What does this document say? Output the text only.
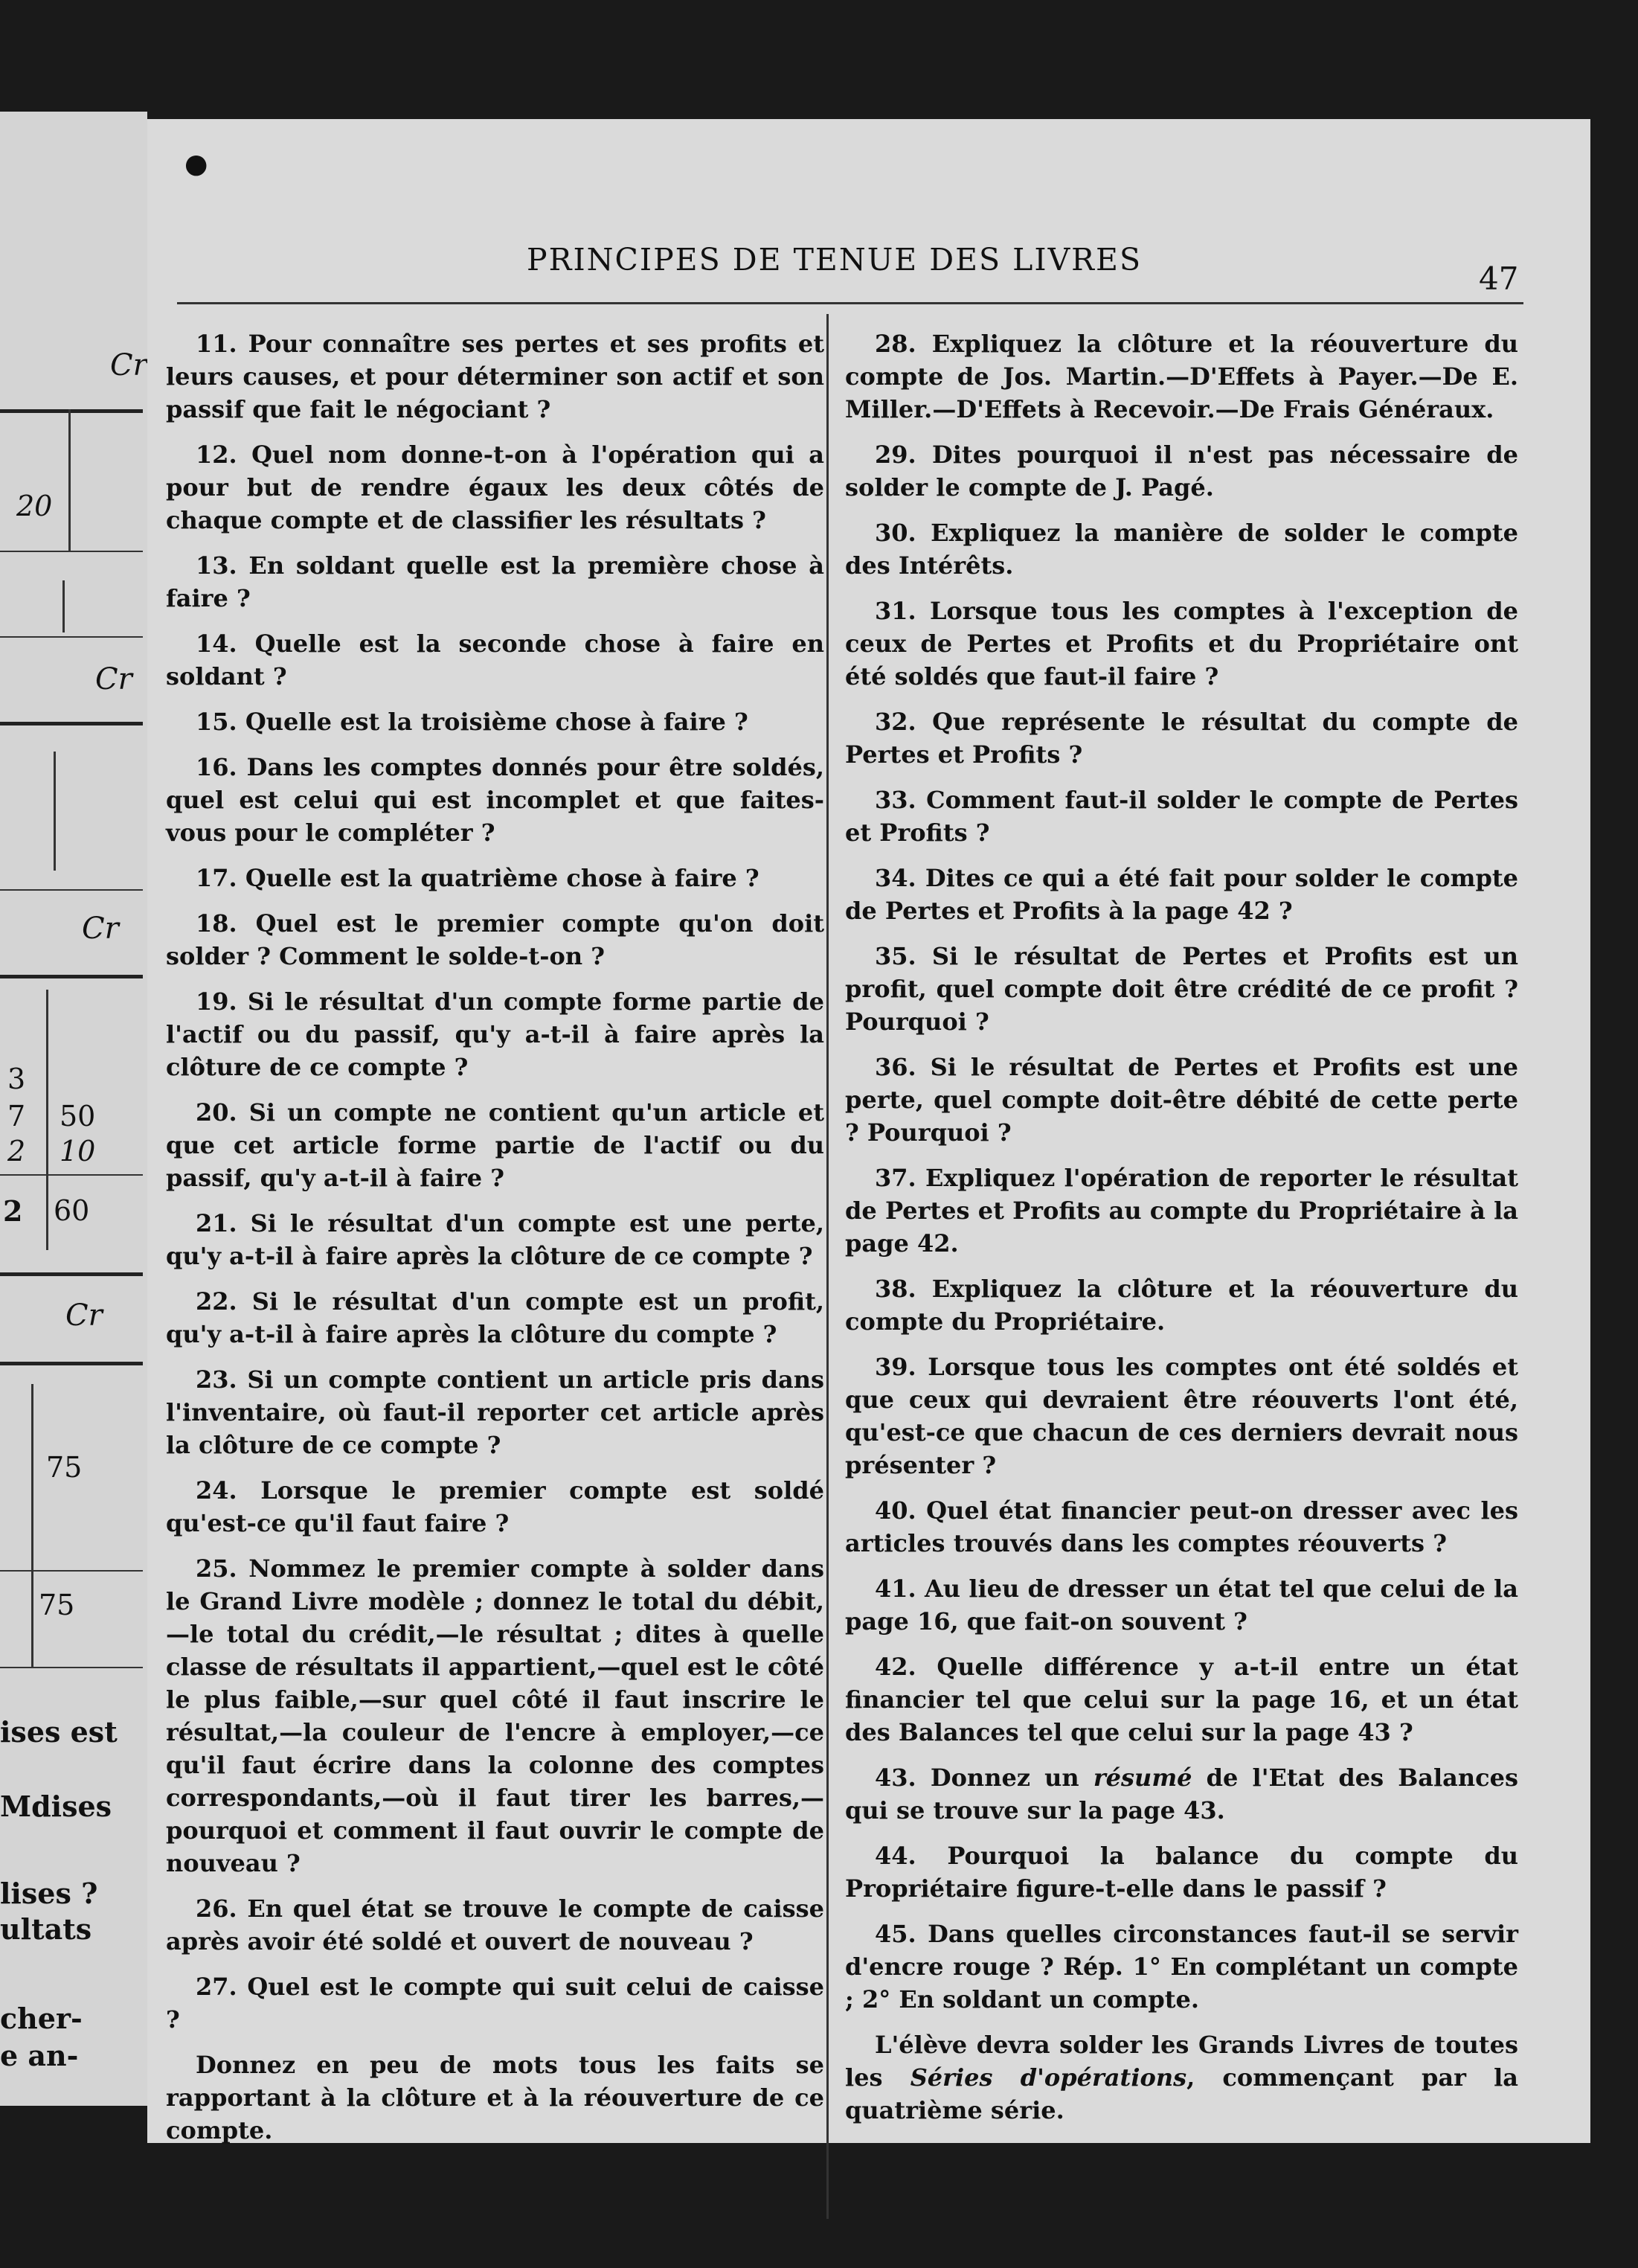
Cr
20
Cr
Cr
3
7 50
2 10
2 60
Cr
75
75
ises est
Mdises
lises ?
ultats
cher-
e an-
●
PRINCIPES DE TENUE DES LIVRES
47

11. Pour connaître ses pertes et ses profits et leurs causes, et pour déterminer son actif et son passif que fait le négociant ?

12. Quel nom donne-t-on à l'opération qui a pour but de rendre égaux les deux côtés de chaque compte et de classifier les résultats ?

13. En soldant quelle est la première chose à faire ?

14. Quelle est la seconde chose à faire en soldant ?

15. Quelle est la troisième chose à faire ?

16. Dans les comptes donnés pour être soldés, quel est celui qui est incomplet et que faites-vous pour le compléter ?

17. Quelle est la quatrième chose à faire ?

18. Quel est le premier compte qu'on doit solder ? Comment le solde-t-on ?

19. Si le résultat d'un compte forme partie de l'actif ou du passif, qu'y a-t-il à faire après la clôture de ce compte ?

20. Si un compte ne contient qu'un article et que cet article forme partie de l'actif ou du passif, qu'y a-t-il à faire ?

21. Si le résultat d'un compte est une perte, qu'y a-t-il à faire après la clôture de ce compte ?

22. Si le résultat d'un compte est un profit, qu'y a-t-il à faire après la clôture du compte ?

23. Si un compte contient un article pris dans l'inventaire, où faut-il reporter cet article après la clôture de ce compte ?

24. Lorsque le premier compte est soldé qu'est-ce qu'il faut faire ?

25. Nommez le premier compte à solder dans le Grand Livre modèle ; donnez le total du débit,—le total du crédit,—le résultat ; dites à quelle classe de résultats il appartient,—quel est le côté le plus faible,—sur quel côté il faut inscrire le résultat,—la couleur de l'encre à employer,—ce qu'il faut écrire dans la colonne des comptes correspondants,—où il faut tirer les barres,—pourquoi et comment il faut ouvrir le compte de nouveau ?

26. En quel état se trouve le compte de caisse après avoir été soldé et ouvert de nouveau ?

27. Quel est le compte qui suit celui de caisse ?

Donnez en peu de mots tous les faits se rapportant à la clôture et à la réouverture de ce compte.

28. Expliquez la clôture et la réouverture du compte de Jos. Martin.—D'Effets à Payer.—De E. Miller.—D'Effets à Recevoir.—De Frais Généraux.

29. Dites pourquoi il n'est pas nécessaire de solder le compte de J. Pagé.

30. Expliquez la manière de solder le compte des Intérêts.

31. Lorsque tous les comptes à l'exception de ceux de Pertes et Profits et du Propriétaire ont été soldés que faut-il faire ?

32. Que représente le résultat du compte de Pertes et Profits ?

33. Comment faut-il solder le compte de Pertes et Profits ?

34. Dites ce qui a été fait pour solder le compte de Pertes et Profits à la page 42 ?

35. Si le résultat de Pertes et Profits est un profit, quel compte doit être crédité de ce profit ? Pourquoi ?

36. Si le résultat de Pertes et Profits est une perte, quel compte doit-être débité de cette perte ? Pourquoi ?

37. Expliquez l'opération de reporter le résultat de Pertes et Profits au compte du Propriétaire à la page 42.

38. Expliquez la clôture et la réouverture du compte du Propriétaire.

39. Lorsque tous les comptes ont été soldés et que ceux qui devraient être réouverts l'ont été, qu'est-ce que chacun de ces derniers devrait nous présenter ?

40. Quel état financier peut-on dresser avec les articles trouvés dans les comptes réouverts ?

41. Au lieu de dresser un état tel que celui de la page 16, que fait-on souvent ?

42. Quelle différence y a-t-il entre un état financier tel que celui sur la page 16, et un état des Balances tel que celui sur la page 43 ?

43. Donnez un résumé de l'Etat des Balances qui se trouve sur la page 43.

44. Pourquoi la balance du compte du Propriétaire figure-t-elle dans le passif ?

45. Dans quelles circonstances faut-il se servir d'encre rouge ? Rép. 1° En complétant un compte ; 2° En soldant un compte.

L'élève devra solder les Grands Livres de toutes les Séries d'opérations, commençant par la quatrième série.
